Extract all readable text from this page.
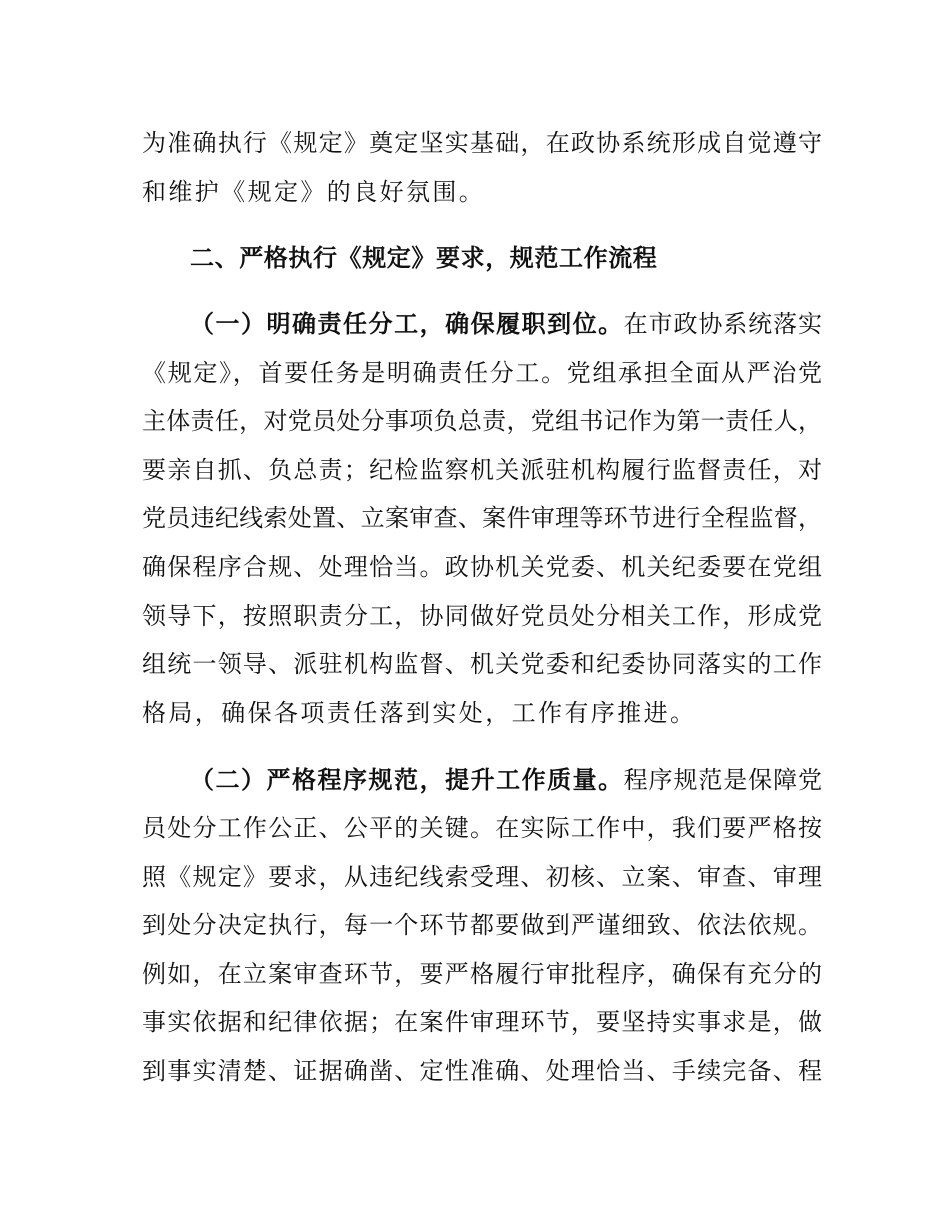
为准确执行《规定》奠定坚实基础，在政协系统形成自觉遵守
和维护《规定》的良好氛围。
二、严格执行《规定》要求，规范工作流程
（一）明确责任分工，确保履职到位。在市政协系统落实
《规定》，首要任务是明确责任分工。党组承担全面从严治党
主体责任，对党员处分事项负总责，党组书记作为第一责任人，
要亲自抓、负总责；纪检监察机关派驻机构履行监督责任，对
党员违纪线索处置、立案审查、案件审理等环节进行全程监督，
确保程序合规、处理恰当。政协机关党委、机关纪委要在党组
领导下，按照职责分工，协同做好党员处分相关工作，形成党
组统一领导、派驻机构监督、机关党委和纪委协同落实的工作
格局，确保各项责任落到实处，工作有序推进。
（二）严格程序规范，提升工作质量。程序规范是保障党
员处分工作公正、公平的关键。在实际工作中，我们要严格按
照《规定》要求，从违纪线索受理、初核、立案、审查、审理
到处分决定执行，每一个环节都要做到严谨细致、依法依规。
例如，在立案审查环节，要严格履行审批程序，确保有充分的
事实依据和纪律依据；在案件审理环节，要坚持实事求是，做
到事实清楚、证据确凿、定性准确、处理恰当、手续完备、程
